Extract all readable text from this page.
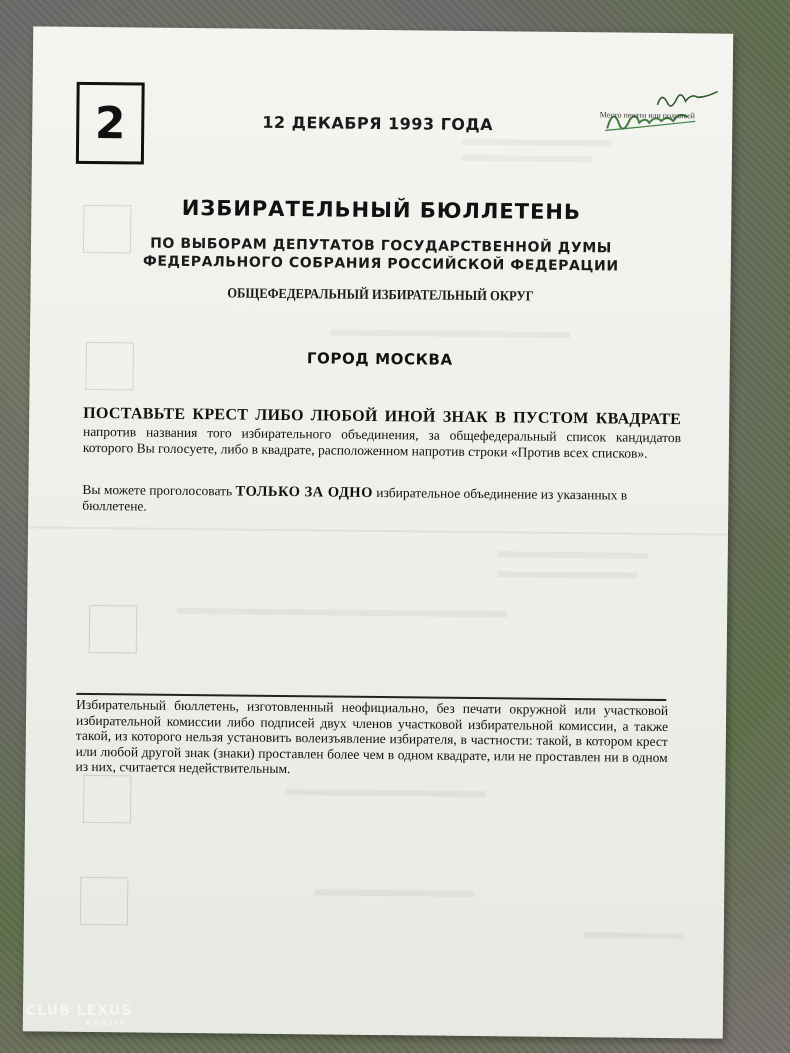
2	12 ДЕКАБРЯ 1993 ГОДА	Место печати или подписей
ИЗБИРАТЕЛЬНЫЙ БЮЛЛЕТЕНЬ
ПО ВЫБОРАМ ДЕПУТАТОВ ГОСУДАРСТВЕННОЙ ДУМЫ
ФЕДЕРАЛЬНОГО СОБРАНИЯ РОССИЙСКОЙ ФЕДЕРАЦИИ
ОБЩЕФЕДЕРАЛЬНЫЙ ИЗБИРАТЕЛЬНЫЙ ОКРУГ
ГОРОД МОСКВА
ПОСТАВЬТЕ КРЕСТ ЛИБО ЛЮБОЙ ИНОЙ ЗНАК В ПУСТОМ КВАДРАТЕ
напротив названия того избирательного объединения, за общефедеральный список кандидатов которого Вы голосуете, либо в квадрате, расположенном напротив строки «Против всех списков».
Вы можете проголосовать ТОЛЬКО ЗА ОДНО избирательное объединение из указанных в бюллетене.
Избирательный бюллетень, изготовленный неофициально, без печати окружной или участковой избирательной комиссии либо подписей двух членов участковой избирательной комиссии, а также такой, из которого нельзя установить волеизъявление избирателя, в частности: такой, в котором крест или любой другой знак (знаки) проставлен более чем в одном квадрате, или не проставлен ни в одном из них, считается недействительным.
CLUB LEXUS
RUSSIA
